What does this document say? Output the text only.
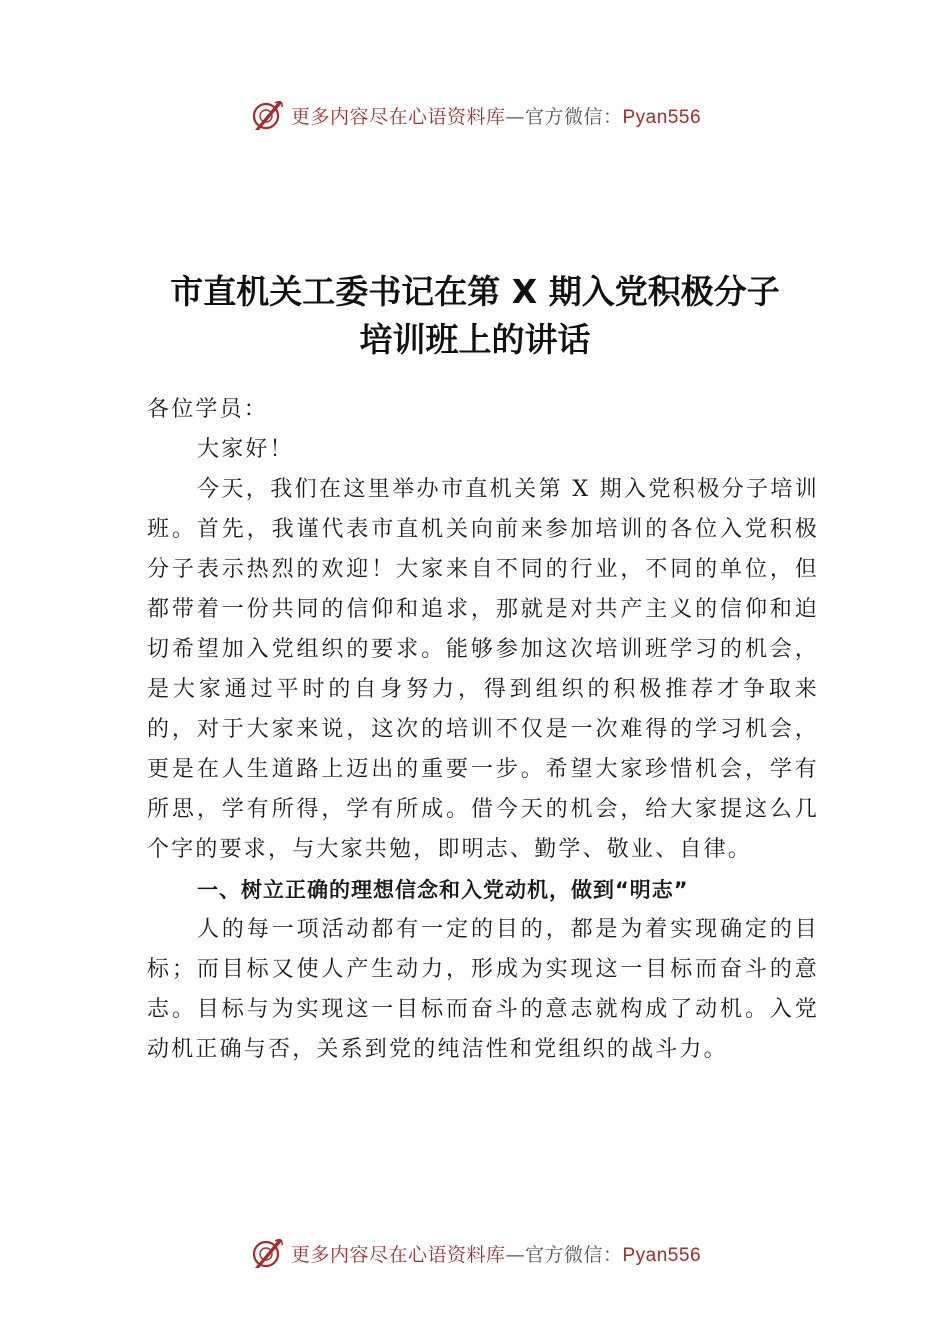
更多内容尽在心语资料库—官方微信：Pyan556
市直机关工委书记在第 X 期入党积极分子
培训班上的讲话

各位学员：

大家好！

今天，我们在这里举办市直机关第 X 期入党积极分子培训班。首先，我谨代表市直机关向前来参加培训的各位入党积极分子表示热烈的欢迎！大家来自不同的行业，不同的单位，但都带着一份共同的信仰和追求，那就是对共产主义的信仰和迫切希望加入党组织的要求。能够参加这次培训班学习的机会，是大家通过平时的自身努力，得到组织的积极推荐才争取来的，对于大家来说，这次的培训不仅是一次难得的学习机会，更是在人生道路上迈出的重要一步。希望大家珍惜机会，学有所思，学有所得，学有所成。借今天的机会，给大家提这么几个字的要求，与大家共勉，即明志、勤学、敬业、自律。

一、树立正确的理想信念和入党动机，做到“明志”

人的每一项活动都有一定的目的，都是为着实现确定的目标；而目标又使人产生动力，形成为实现这一目标而奋斗的意志。目标与为实现这一目标而奋斗的意志就构成了动机。入党动机正确与否，关系到党的纯洁性和党组织的战斗力。

更多内容尽在心语资料库—官方微信：Pyan556
